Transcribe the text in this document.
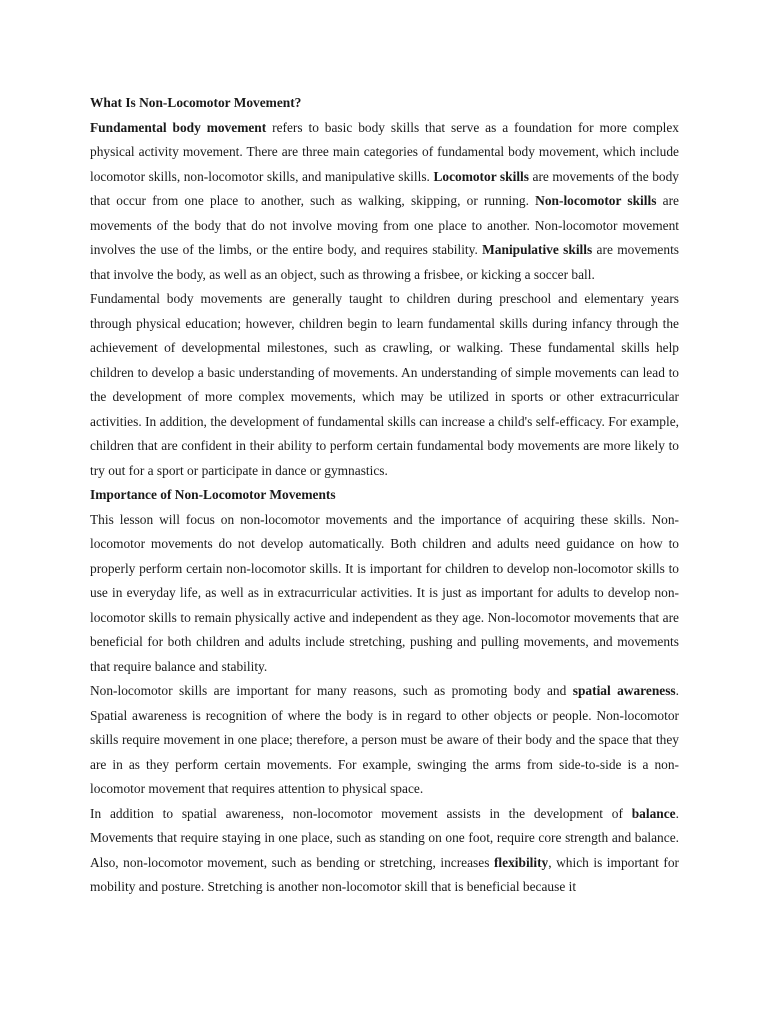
What Is Non-Locomotor Movement?

Fundamental body movement refers to basic body skills that serve as a foundation for more complex physical activity movement. There are three main categories of fundamental body movement, which include locomotor skills, non-locomotor skills, and manipulative skills. Locomotor skills are movements of the body that occur from one place to another, such as walking, skipping, or running. Non-locomotor skills are movements of the body that do not involve moving from one place to another. Non-locomotor movement involves the use of the limbs, or the entire body, and requires stability. Manipulative skills are movements that involve the body, as well as an object, such as throwing a frisbee, or kicking a soccer ball.

Fundamental body movements are generally taught to children during preschool and elementary years through physical education; however, children begin to learn fundamental skills during infancy through the achievement of developmental milestones, such as crawling, or walking. These fundamental skills help children to develop a basic understanding of movements. An understanding of simple movements can lead to the development of more complex movements, which may be utilized in sports or other extracurricular activities. In addition, the development of fundamental skills can increase a child's self-efficacy. For example, children that are confident in their ability to perform certain fundamental body movements are more likely to try out for a sport or participate in dance or gymnastics.

Importance of Non-Locomotor Movements

This lesson will focus on non-locomotor movements and the importance of acquiring these skills. Non-locomotor movements do not develop automatically. Both children and adults need guidance on how to properly perform certain non-locomotor skills. It is important for children to develop non-locomotor skills to use in everyday life, as well as in extracurricular activities. It is just as important for adults to develop non-locomotor skills to remain physically active and independent as they age. Non-locomotor movements that are beneficial for both children and adults include stretching, pushing and pulling movements, and movements that require balance and stability.

Non-locomotor skills are important for many reasons, such as promoting body and spatial awareness. Spatial awareness is recognition of where the body is in regard to other objects or people. Non-locomotor skills require movement in one place; therefore, a person must be aware of their body and the space that they are in as they perform certain movements. For example, swinging the arms from side-to-side is a non-locomotor movement that requires attention to physical space.

In addition to spatial awareness, non-locomotor movement assists in the development of balance. Movements that require staying in one place, such as standing on one foot, require core strength and balance. Also, non-locomotor movement, such as bending or stretching, increases flexibility, which is important for mobility and posture. Stretching is another non-locomotor skill that is beneficial because it
